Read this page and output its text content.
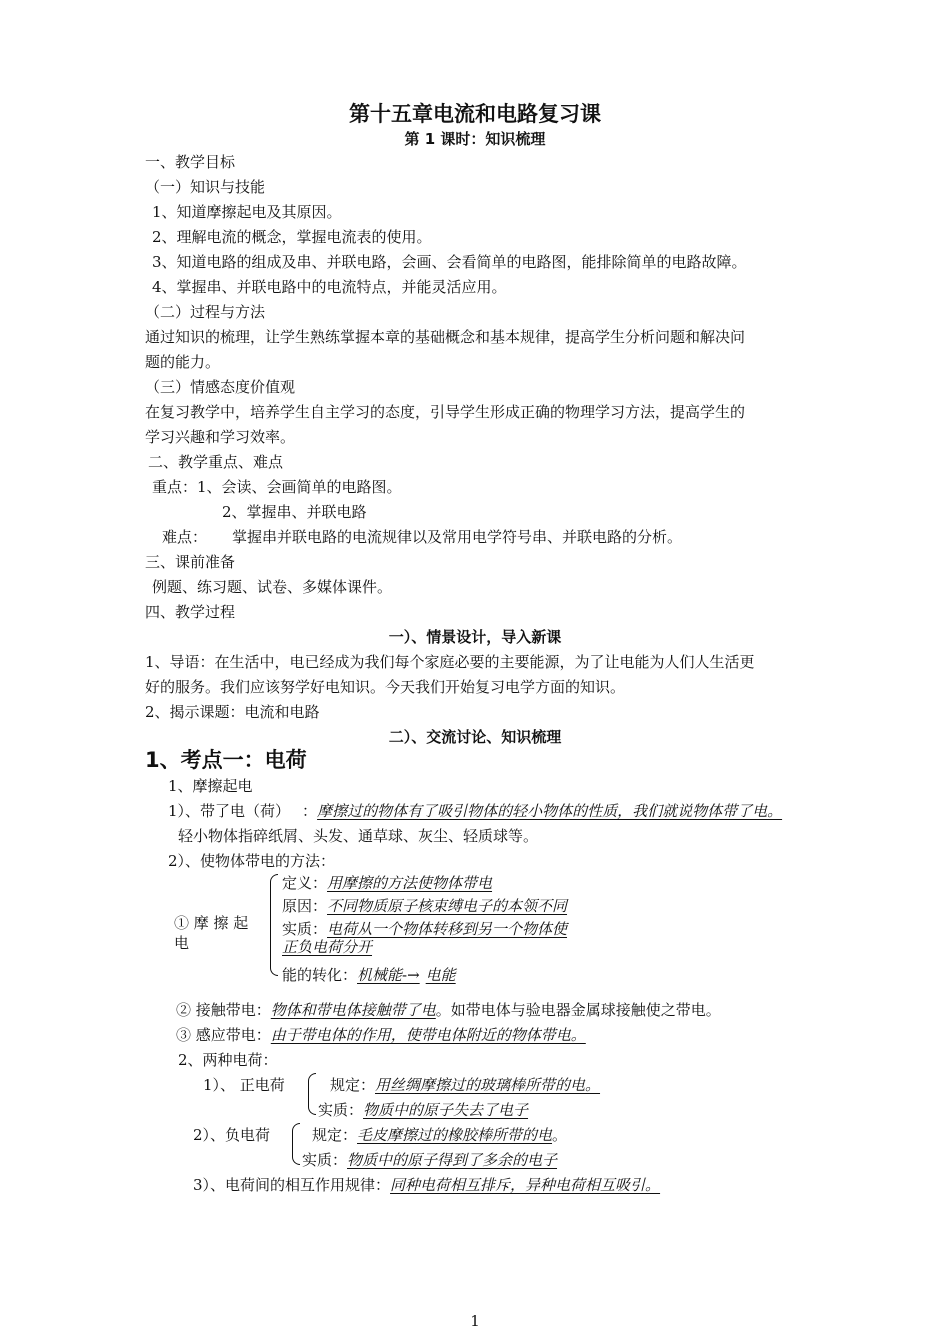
第十五章电流和电路复习课
第 1 课时：知识梳理
一、教学目标
（一）知识与技能
1、知道摩擦起电及其原因。
2、理解电流的概念，掌握电流表的使用。
3、知道电路的组成及串、并联电路，会画、会看简单的电路图，能排除简单的电路故障。
4、掌握串、并联电路中的电流特点，并能灵活应用。
（二）过程与方法
通过知识的梳理，让学生熟练掌握本章的基础概念和基本规律，提高学生分析问题和解决问
题的能力。
（三）情感态度价值观
在复习教学中，培养学生自主学习的态度，引导学生形成正确的物理学习方法，提高学生的
学习兴趣和学习效率。
二、教学重点、难点
重点：1、会读、会画简单的电路图。
2、掌握串、并联电路
难点： 掌握串并联电路的电流规律以及常用电学符号串、并联电路的分析。
三、课前准备
例题、练习题、试卷、多媒体课件。
四、教学过程
一）、情景设计，导入新课
1、导语：在生活中，电已经成为我们每个家庭必要的主要能源，为了让电能为人们人生活更
好的服务。我们应该努学好电知识。今天我们开始复习电学方面的知识。
2、揭示课题：电流和电路
二）、交流讨论、知识梳理
1、考点一：电荷
1、摩擦起电
1）、带了电（荷） ：摩擦过的物体有了吸引物体的轻小物体的性质，我们就说物体带了电。
轻小物体指碎纸屑、头发、通草球、灰尘、轻质球等。
2）、使物体带电的方法：
① 摩 擦 起
电
定义：用摩擦的方法使物体带电
原因：不同物质原子核束缚电子的本领不同
实质：电荷从一个物体转移到另一个物体使
正负电荷分开
能的转化：机械能-→ 电能
② 接触带电：物体和带电体接触带了电。如带电体与验电器金属球接触使之带电。
③ 感应带电：由于带电体的作用，使带电体附近的物体带电。
2、两种电荷：
1）、 正电荷	规定：用丝绸摩擦过的玻璃棒所带的电。
实质：物质中的原子失去了电子
2）、负电荷	规定：毛皮摩擦过的橡胶棒所带的电。
实质：物质中的原子得到了多余的电子
3）、电荷间的相互作用规律：同种电荷相互排斥，异种电荷相互吸引。
1
